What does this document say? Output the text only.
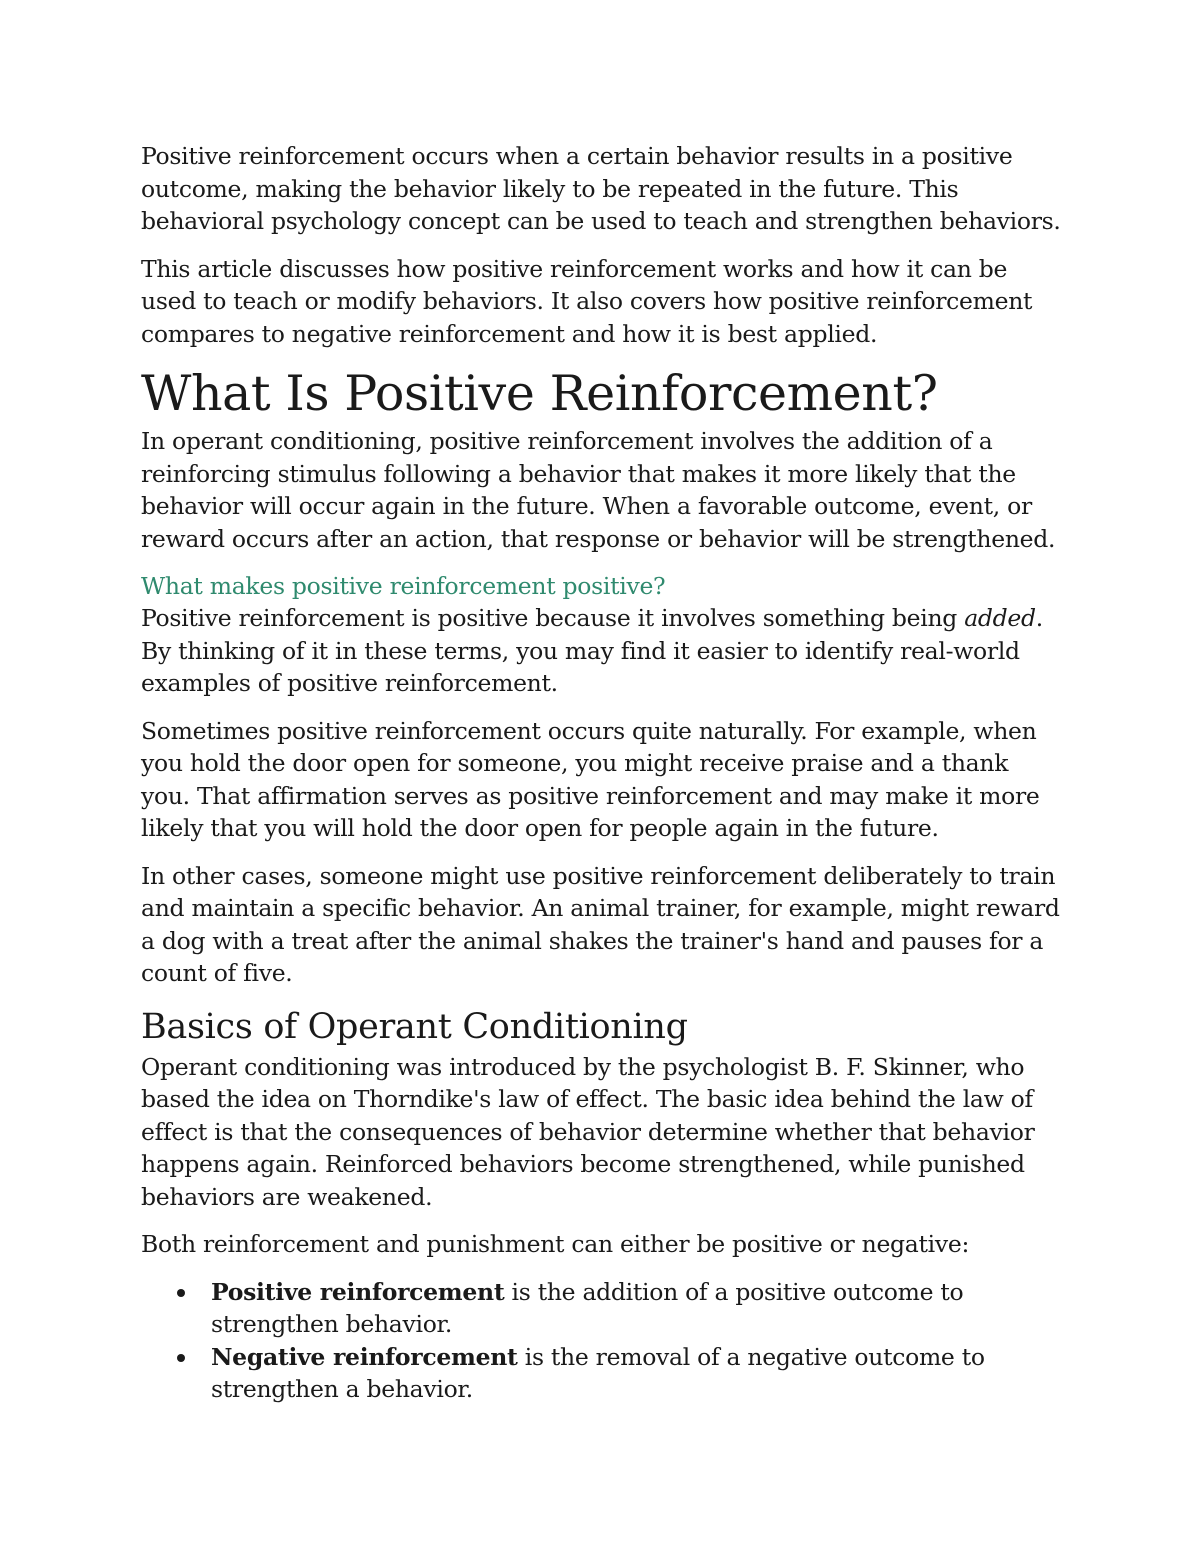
Positive reinforcement occurs when a certain behavior results in a positive outcome, making the behavior likely to be repeated in the future. This behavioral psychology concept can be used to teach and strengthen behaviors.

This article discusses how positive reinforcement works and how it can be used to teach or modify behaviors. It also covers how positive reinforcement compares to negative reinforcement and how it is best applied.

What Is Positive Reinforcement?

In operant conditioning, positive reinforcement involves the addition of a reinforcing stimulus following a behavior that makes it more likely that the behavior will occur again in the future. When a favorable outcome, event, or reward occurs after an action, that response or behavior will be strengthened.

What makes positive reinforcement positive?

Positive reinforcement is positive because it involves something being added. By thinking of it in these terms, you may find it easier to identify real-world examples of positive reinforcement.

Sometimes positive reinforcement occurs quite naturally. For example, when you hold the door open for someone, you might receive praise and a thank you. That affirmation serves as positive reinforcement and may make it more likely that you will hold the door open for people again in the future.

In other cases, someone might use positive reinforcement deliberately to train and maintain a specific behavior. An animal trainer, for example, might reward a dog with a treat after the animal shakes the trainer's hand and pauses for a count of five.

Basics of Operant Conditioning

Operant conditioning was introduced by the psychologist B. F. Skinner, who based the idea on Thorndike's law of effect. The basic idea behind the law of effect is that the consequences of behavior determine whether that behavior happens again. Reinforced behaviors become strengthened, while punished behaviors are weakened.

Both reinforcement and punishment can either be positive or negative:

Positive reinforcement is the addition of a positive outcome to strengthen behavior.
Negative reinforcement is the removal of a negative outcome to strengthen a behavior.
